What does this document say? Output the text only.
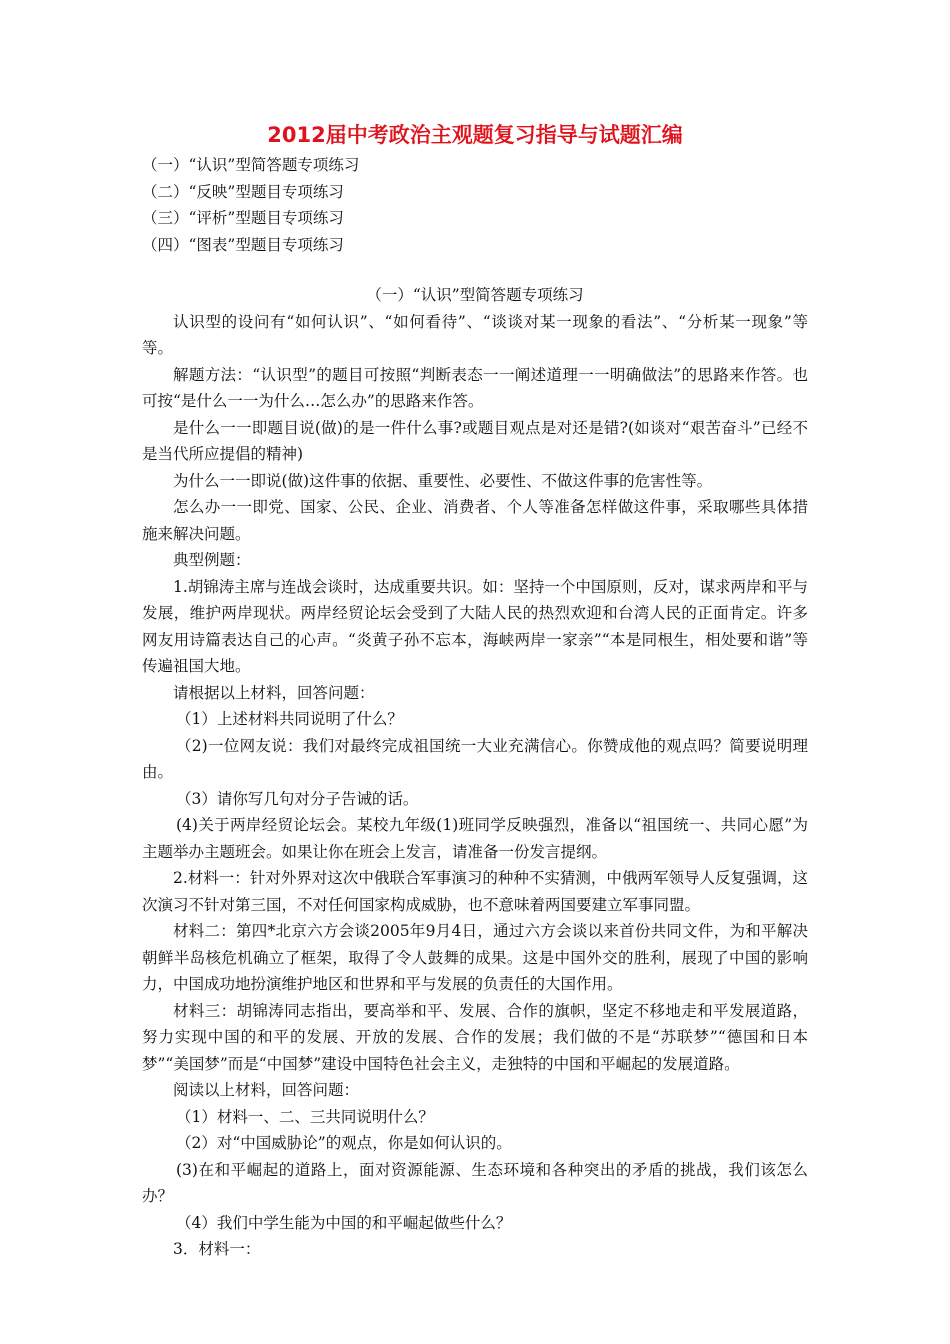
2012届中考政治主观题复习指导与试题汇编
（一）“认识”型简答题专项练习
（二）“反映”型题目专项练习
（三）“评析”型题目专项练习
（四）“图表”型题目专项练习
（一）“认识”型简答题专项练习

认识型的设问有“如何认识”、“如何看待”、“谈谈对某一现象的看法”、“分析某一现象”等等。

解题方法：“认识型”的题目可按照“判断表态一一阐述道理一一明确做法”的思路来作答。也可按“是什么一一为什么…怎么办”的思路来作答。

是什么一一即题目说(做)的是一件什么事?或题目观点是对还是错?(如谈对“艰苦奋斗”已经不是当代所应提倡的精神)

为什么一一即说(做)这件事的依据、重要性、必要性、不做这件事的危害性等。

怎么办一一即党、国家、公民、企业、消费者、个人等准备怎样做这件事，采取哪些具体措施来解决问题。

典型例题：

1.胡锦涛主席与连战会谈时，达成重要共识。如：坚持一个中国原则，反对，谋求两岸和平与发展，维护两岸现状。两岸经贸论坛会受到了大陆人民的热烈欢迎和台湾人民的正面肯定。许多网友用诗篇表达自己的心声。“炎黄子孙不忘本，海峡两岸一家亲”“本是同根生，相处要和谐”等传遍祖国大地。

请根据以上材料，回答问题：

（1）上述材料共同说明了什么？

（2)一位网友说：我们对最终完成祖国统一大业充满信心。你赞成他的观点吗？简要说明理由。

（3）请你写几句对分子告诫的话。

(4)关于两岸经贸论坛会。某校九年级(1)班同学反映强烈，准备以“祖国统一、共同心愿”为主题举办主题班会。如果让你在班会上发言，请准备一份发言提纲。

2.材料一：针对外界对这次中俄联合军事演习的种种不实猜测，中俄两军领导人反复强调，这次演习不针对第三国，不对任何国家构成威胁，也不意味着两国要建立军事同盟。

材料二：第四*北京六方会谈2005年9月4日，通过六方会谈以来首份共同文件，为和平解决朝鲜半岛核危机确立了框架，取得了令人鼓舞的成果。这是中国外交的胜利，展现了中国的影响力，中国成功地扮演维护地区和世界和平与发展的负责任的大国作用。

材料三：胡锦涛同志指出，要高举和平、发展、合作的旗帜，坚定不移地走和平发展道路，努力实现中国的和平的发展、开放的发展、合作的发展；我们做的不是“苏联梦”“德国和日本梦”“美国梦”而是“中国梦”建设中国特色社会主义，走独特的中国和平崛起的发展道路。

阅读以上材料，回答问题：

（1）材料一、二、三共同说明什么？

（2）对“中国威胁论”的观点，你是如何认识的。

(3)在和平崛起的道路上，面对资源能源、生态环境和各种突出的矛盾的挑战，我们该怎么办？

（4）我们中学生能为中国的和平崛起做些什么？

3．材料一：
